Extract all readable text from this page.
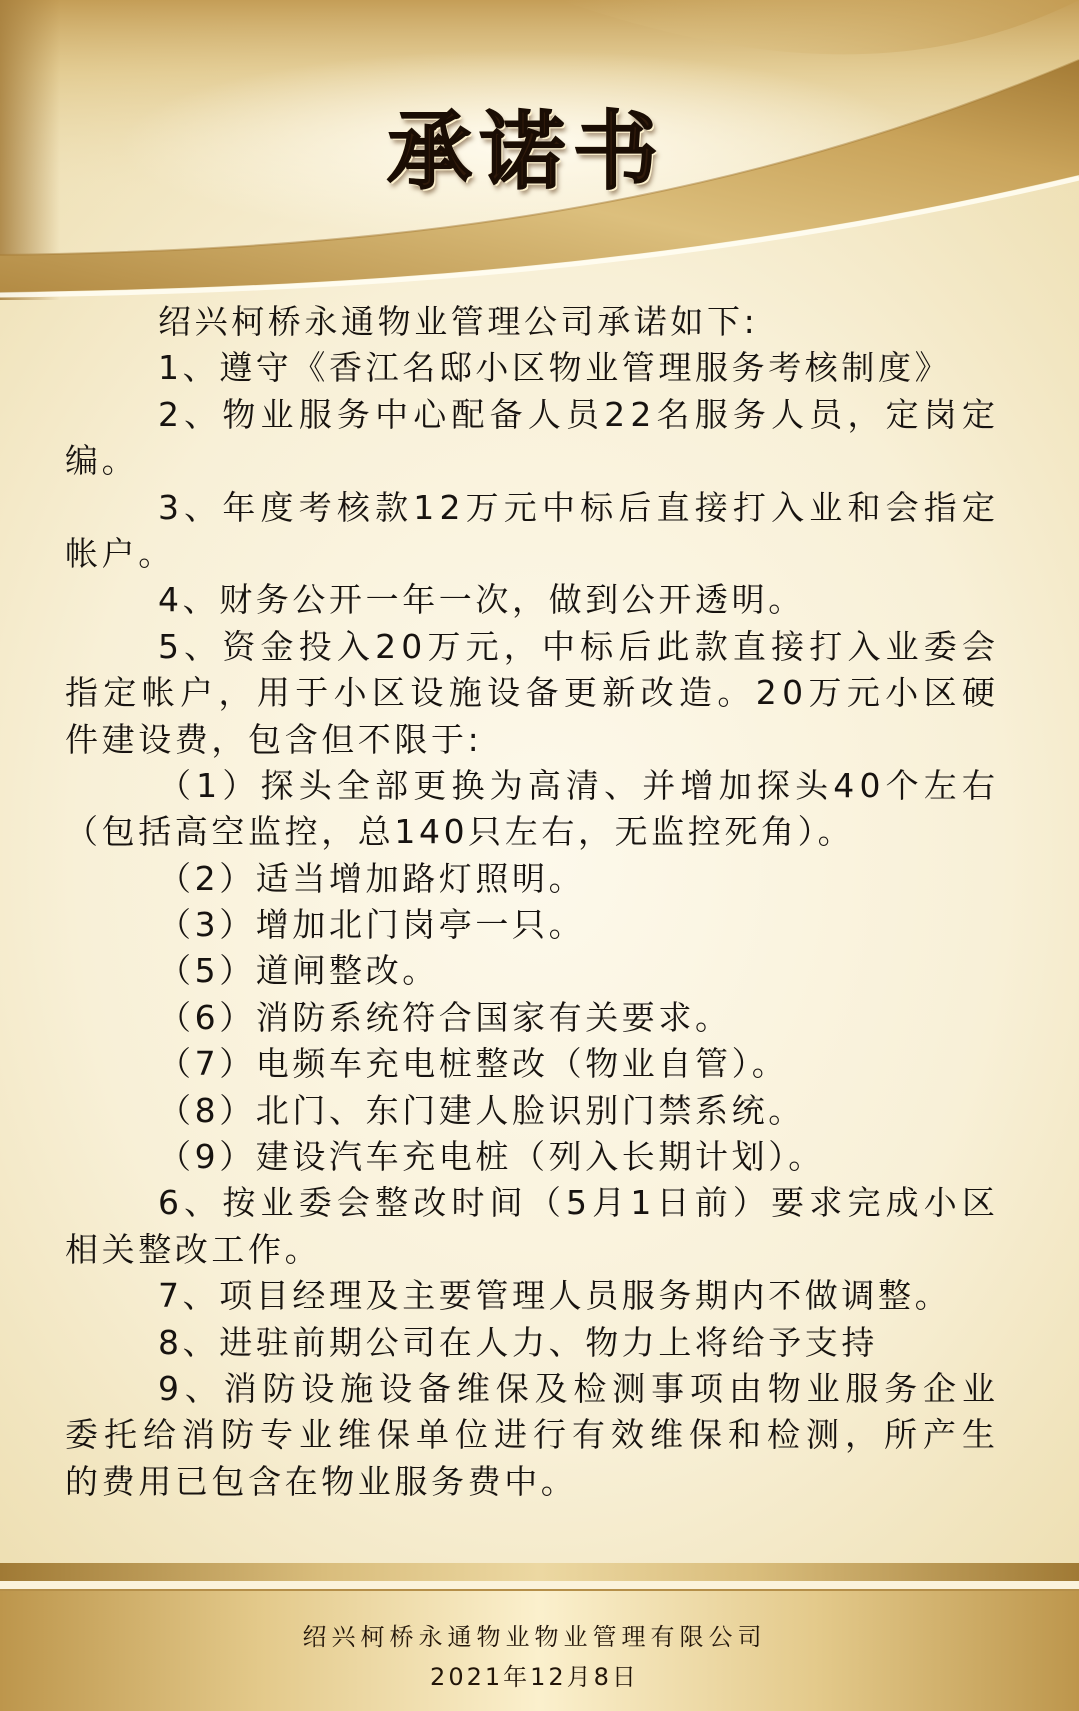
承诺书
绍兴柯桥永通物业管理公司承诺如下:
1、遵守《香江名邸小区物业管理服务考核制度》
2、物业服务中心配备人员22名服务人员，定岗定
编。
3、年度考核款12万元中标后直接打入业和会指定
帐户。
4、财务公开一年一次，做到公开透明。
5、资金投入20万元，中标后此款直接打入业委会
指定帐户，用于小区设施设备更新改造。20万元小区硬
件建设费，包含但不限于:
（1）探头全部更换为高清、并增加探头40个左右
（包括高空监控，总140只左右，无监控死角）。
（2）适当增加路灯照明。
（3）增加北门岗亭一只。
（5）道闸整改。
（6）消防系统符合国家有关要求。
（7）电频车充电桩整改（物业自管）。
（8）北门、东门建人脸识别门禁系统。
（9）建设汽车充电桩（列入长期计划）。
6、按业委会整改时间（5月1日前）要求完成小区
相关整改工作。
7、项目经理及主要管理人员服务期内不做调整。
8、进驻前期公司在人力、物力上将给予支持
9、消防设施设备维保及检测事项由物业服务企业
委托给消防专业维保单位进行有效维保和检测，所产生
的费用已包含在物业服务费中。
绍兴柯桥永通物业物业管理有限公司
2021年12月8日
